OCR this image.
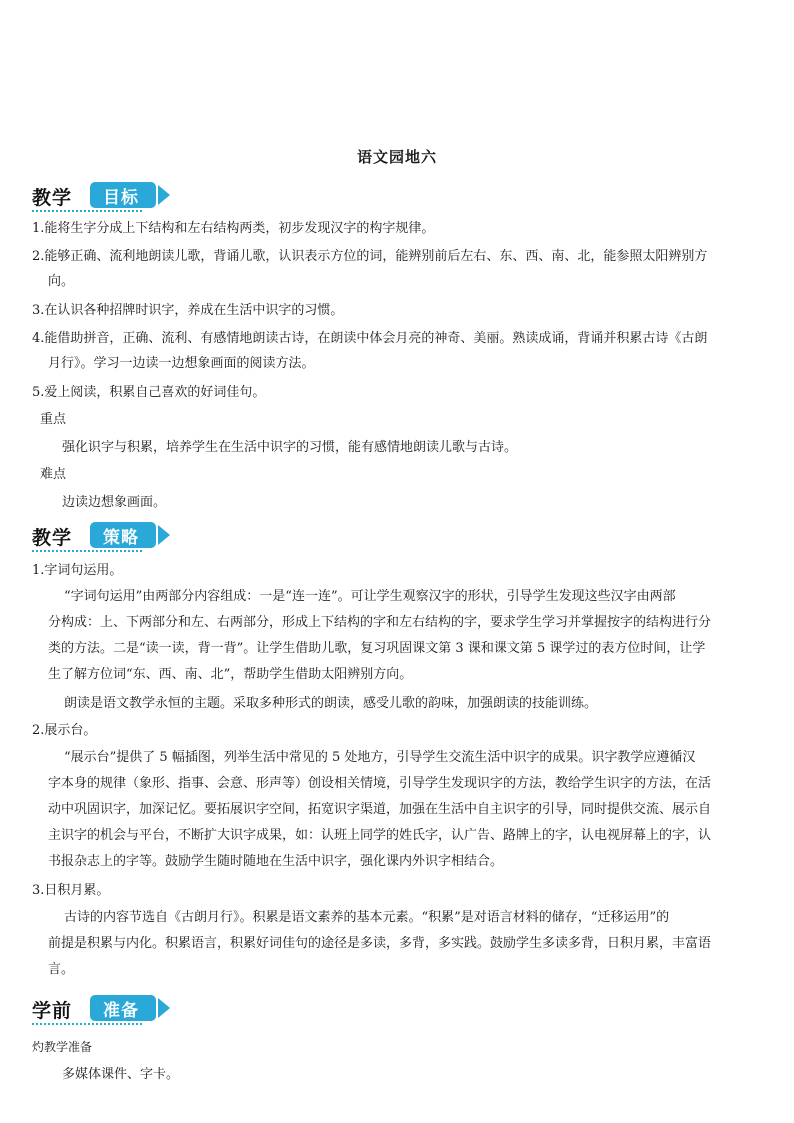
语文园地六
教学	目标
1.能将生字分成上下结构和左右结构两类，初步发现汉字的构字规律。
2.能够正确、流利地朗读儿歌，背诵儿歌，认识表示方位的词，能辨别前后左右、东、西、南、北，能参照太阳辨别方
向。
3.在认识各种招牌时识字，养成在生活中识字的习惯。
4.能借助拼音，正确、流利、有感情地朗读古诗，在朗读中体会月亮的神奇、美丽。熟读成诵，背诵并积累古诗《古朗
月行》。学习一边读一边想象画面的阅读方法。
5.爱上阅读，积累自己喜欢的好词佳句。
重点
强化识字与积累，培养学生在生活中识字的习惯，能有感情地朗读儿歌与古诗。
难点
边读边想象画面。
教学	策略
1.字词句运用。
“字词句运用”由两部分内容组成：一是“连一连”。可让学生观察汉字的形状，引导学生发现这些汉字由两部
分构成：上、下两部分和左、右两部分，形成上下结构的字和左右结构的字，要求学生学习并掌握按字的结构进行分
类的方法。二是“读一读，背一背”。让学生借助儿歌，复习巩固课文第 3 课和课文第 5 课学过的表方位时间，让学
生了解方位词“东、西、南、北”，帮助学生借助太阳辨别方向。
朗读是语文教学永恒的主题。采取多种形式的朗读，感受儿歌的韵味，加强朗读的技能训练。
2.展示台。
“展示台”提供了 5 幅插图，列举生活中常见的 5 处地方，引导学生交流生活中识字的成果。识字教学应遵循汉
字本身的规律（象形、指事、会意、形声等）创设相关情境，引导学生发现识字的方法，教给学生识字的方法，在活
动中巩固识字，加深记忆。要拓展识字空间，拓宽识字渠道，加强在生活中自主识字的引导，同时提供交流、展示自
主识字的机会与平台，不断扩大识字成果，如：认班上同学的姓氏字，认广告、路牌上的字，认电视屏幕上的字，认
书报杂志上的字等。鼓励学生随时随地在生活中识字，强化课内外识字相结合。
3.日积月累。
古诗的内容节选自《古朗月行》。积累是语文素养的基本元素。“积累”是对语言材料的储存，“迁移运用”的
前提是积累与内化。积累语言，积累好词佳句的途径是多读，多背，多实践。鼓励学生多读多背，日积月累，丰富语
言。
学前	准备
灼教学准备
多媒体课件、字卡。
